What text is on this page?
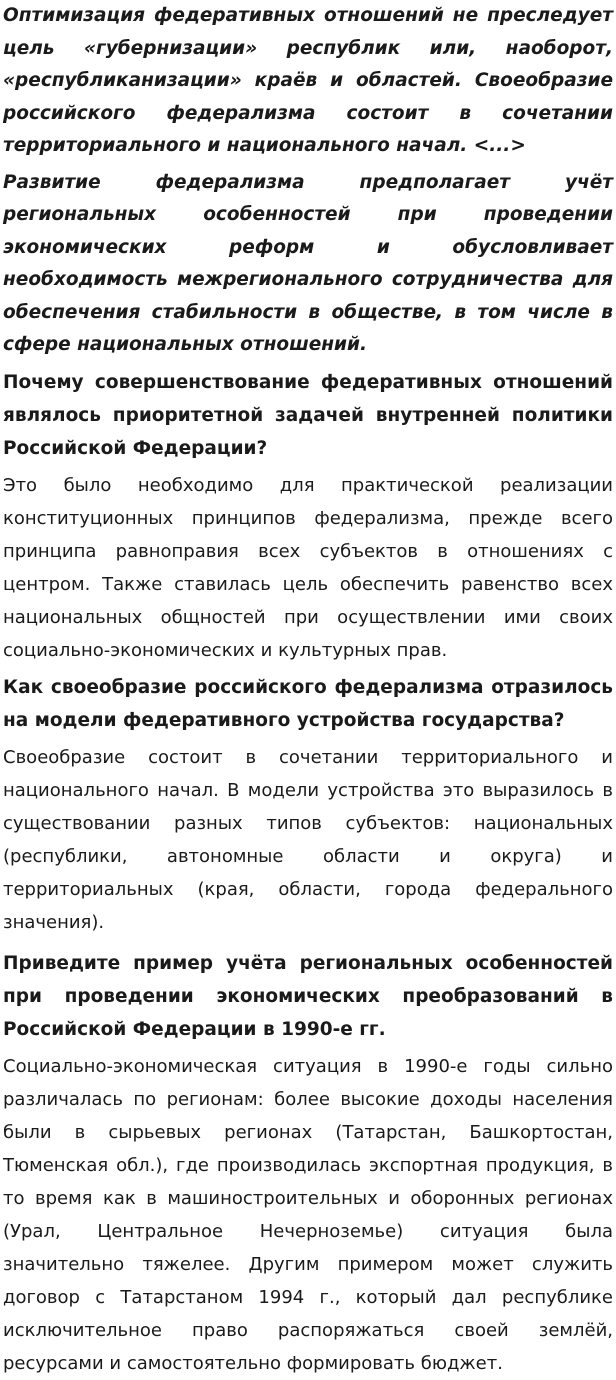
Оптимизация федеративных отношений не преследует цель «губернизации» республик или, наоборот, «республиканизации» краёв и областей. Своеобразие российского федерализма состоит в сочетании территориального и национального начал. <...>

Развитие федерализма предполагает учёт региональных особенностей при проведении экономических реформ и обусловливает необходимость межрегионального сотрудничества для обеспечения стабильности в обществе, в том числе в сфере национальных отношений.

Почему совершенствование федеративных отношений являлось приоритетной задачей внутренней политики Российской Федерации?

Это было необходимо для практической реализации конституционных принципов федерализма, прежде всего принципа равноправия всех субъектов в отношениях с центром. Также ставилась цель обеспечить равенство всех национальных общностей при осуществлении ими своих социально-экономических и культурных прав.

Как своеобразие российского федерализма отразилось на модели федеративного устройства государства?

Своеобразие состоит в сочетании территориального и национального начал. В модели устройства это выразилось в существовании разных типов субъектов: национальных (республики, автономные области и округа) и территориальных (края, области, города федерального значения).

Приведите пример учёта региональных особенностей при проведении экономических преобразований в Российской Федерации в 1990-е гг.

Социально-экономическая ситуация в 1990-е годы сильно различалась по регионам: более высокие доходы населения были в сырьевых регионах (Татарстан, Башкортостан, Тюменская обл.), где производилась экспортная продукция, в то время как в машиностроительных и оборонных регионах (Урал, Центральное Нечерноземье) ситуация была значительно тяжелее. Другим примером может служить договор с Татарстаном 1994 г., который дал республике исключительное право распоряжаться своей землёй, ресурсами и самостоятельно формировать бюджет.
